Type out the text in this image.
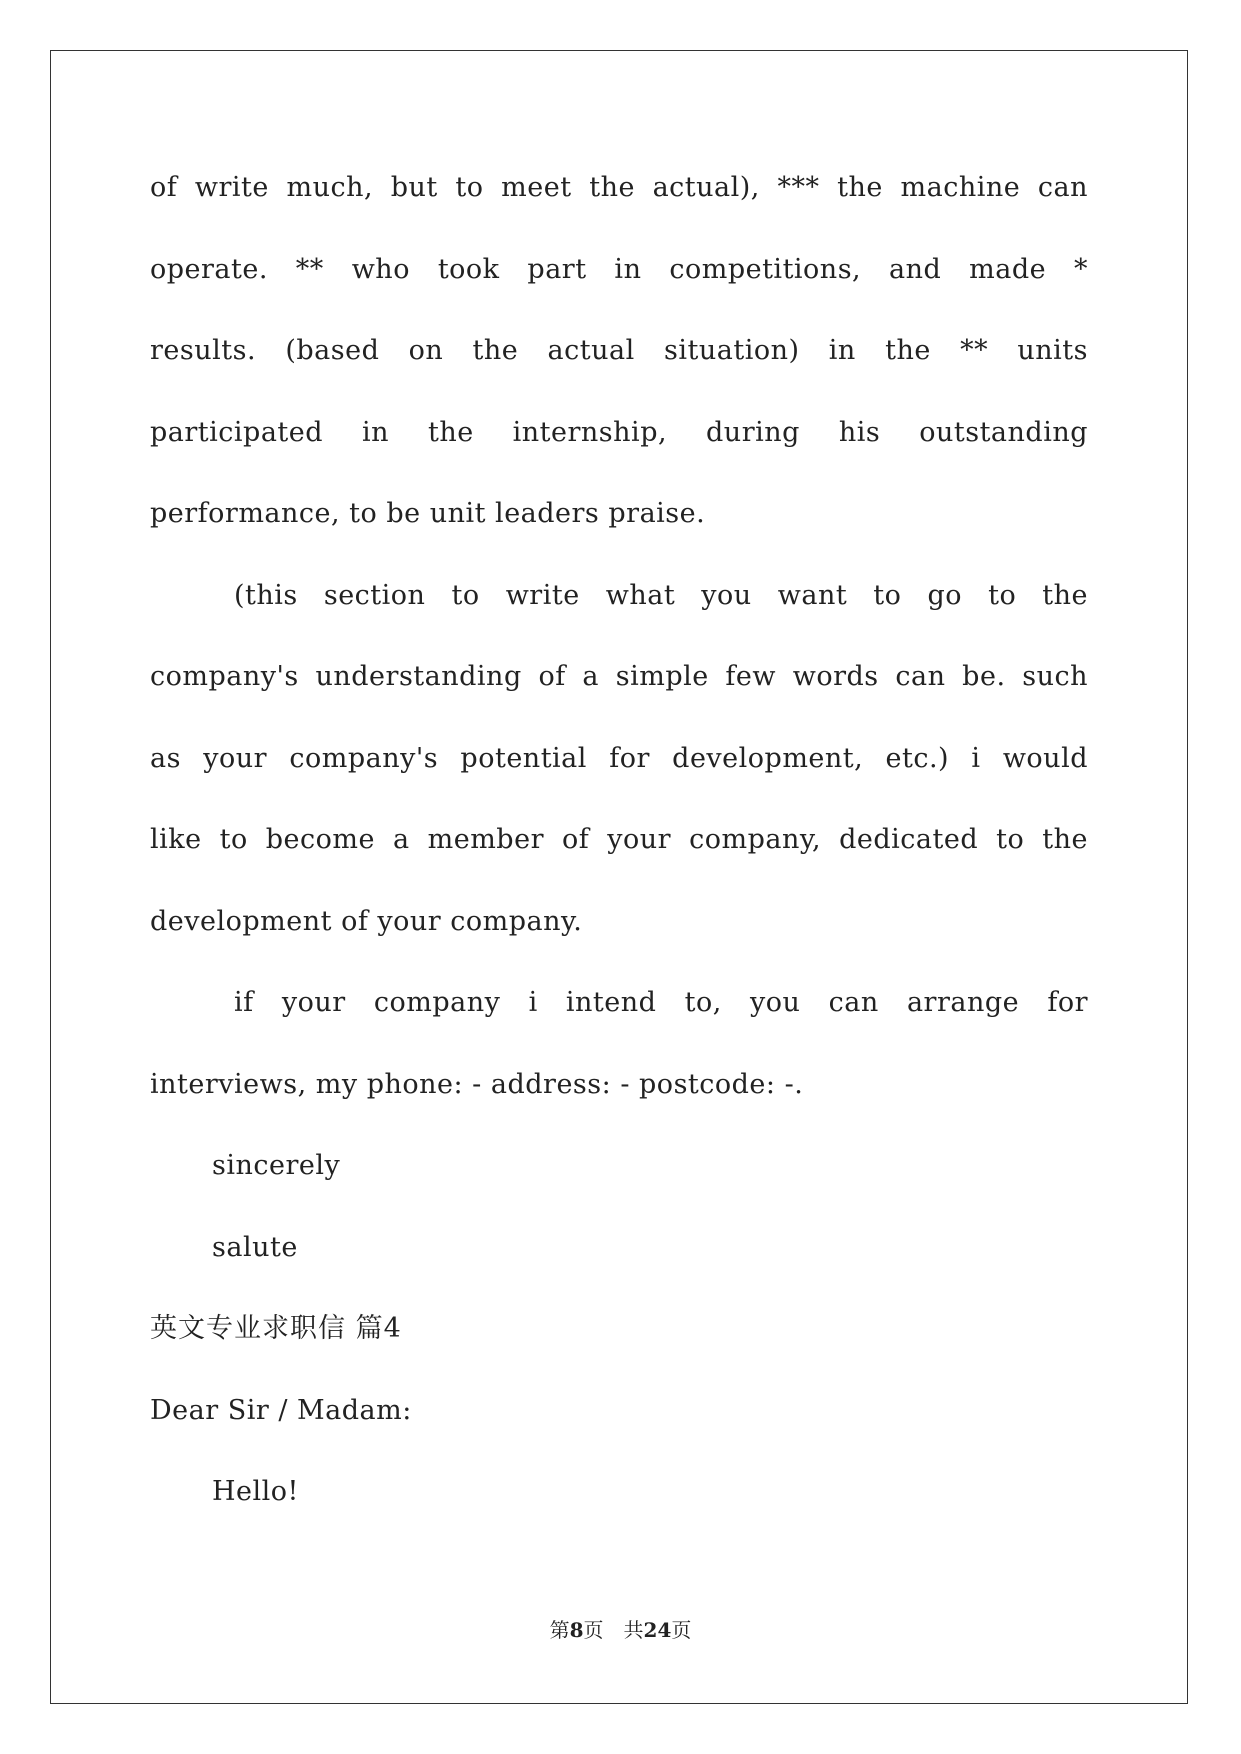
of write much, but to meet the actual), *** the machine can
operate. ** who took part in competitions, and made *
results. (based on the actual situation) in the ** units
participated in the internship, during his outstanding
performance, to be unit leaders praise.
(this section to write what you want to go to the
company's understanding of a simple few words can be. such
as your company's potential for development, etc.) i would
like to become a member of your company, dedicated to the
development of your company.
if your company i intend to, you can arrange for
interviews, my phone: - address: - postcode: -.
sincerely
salute
英文专业求职信 篇4
Dear Sir / Madam:
Hello!
第8页　共24页
